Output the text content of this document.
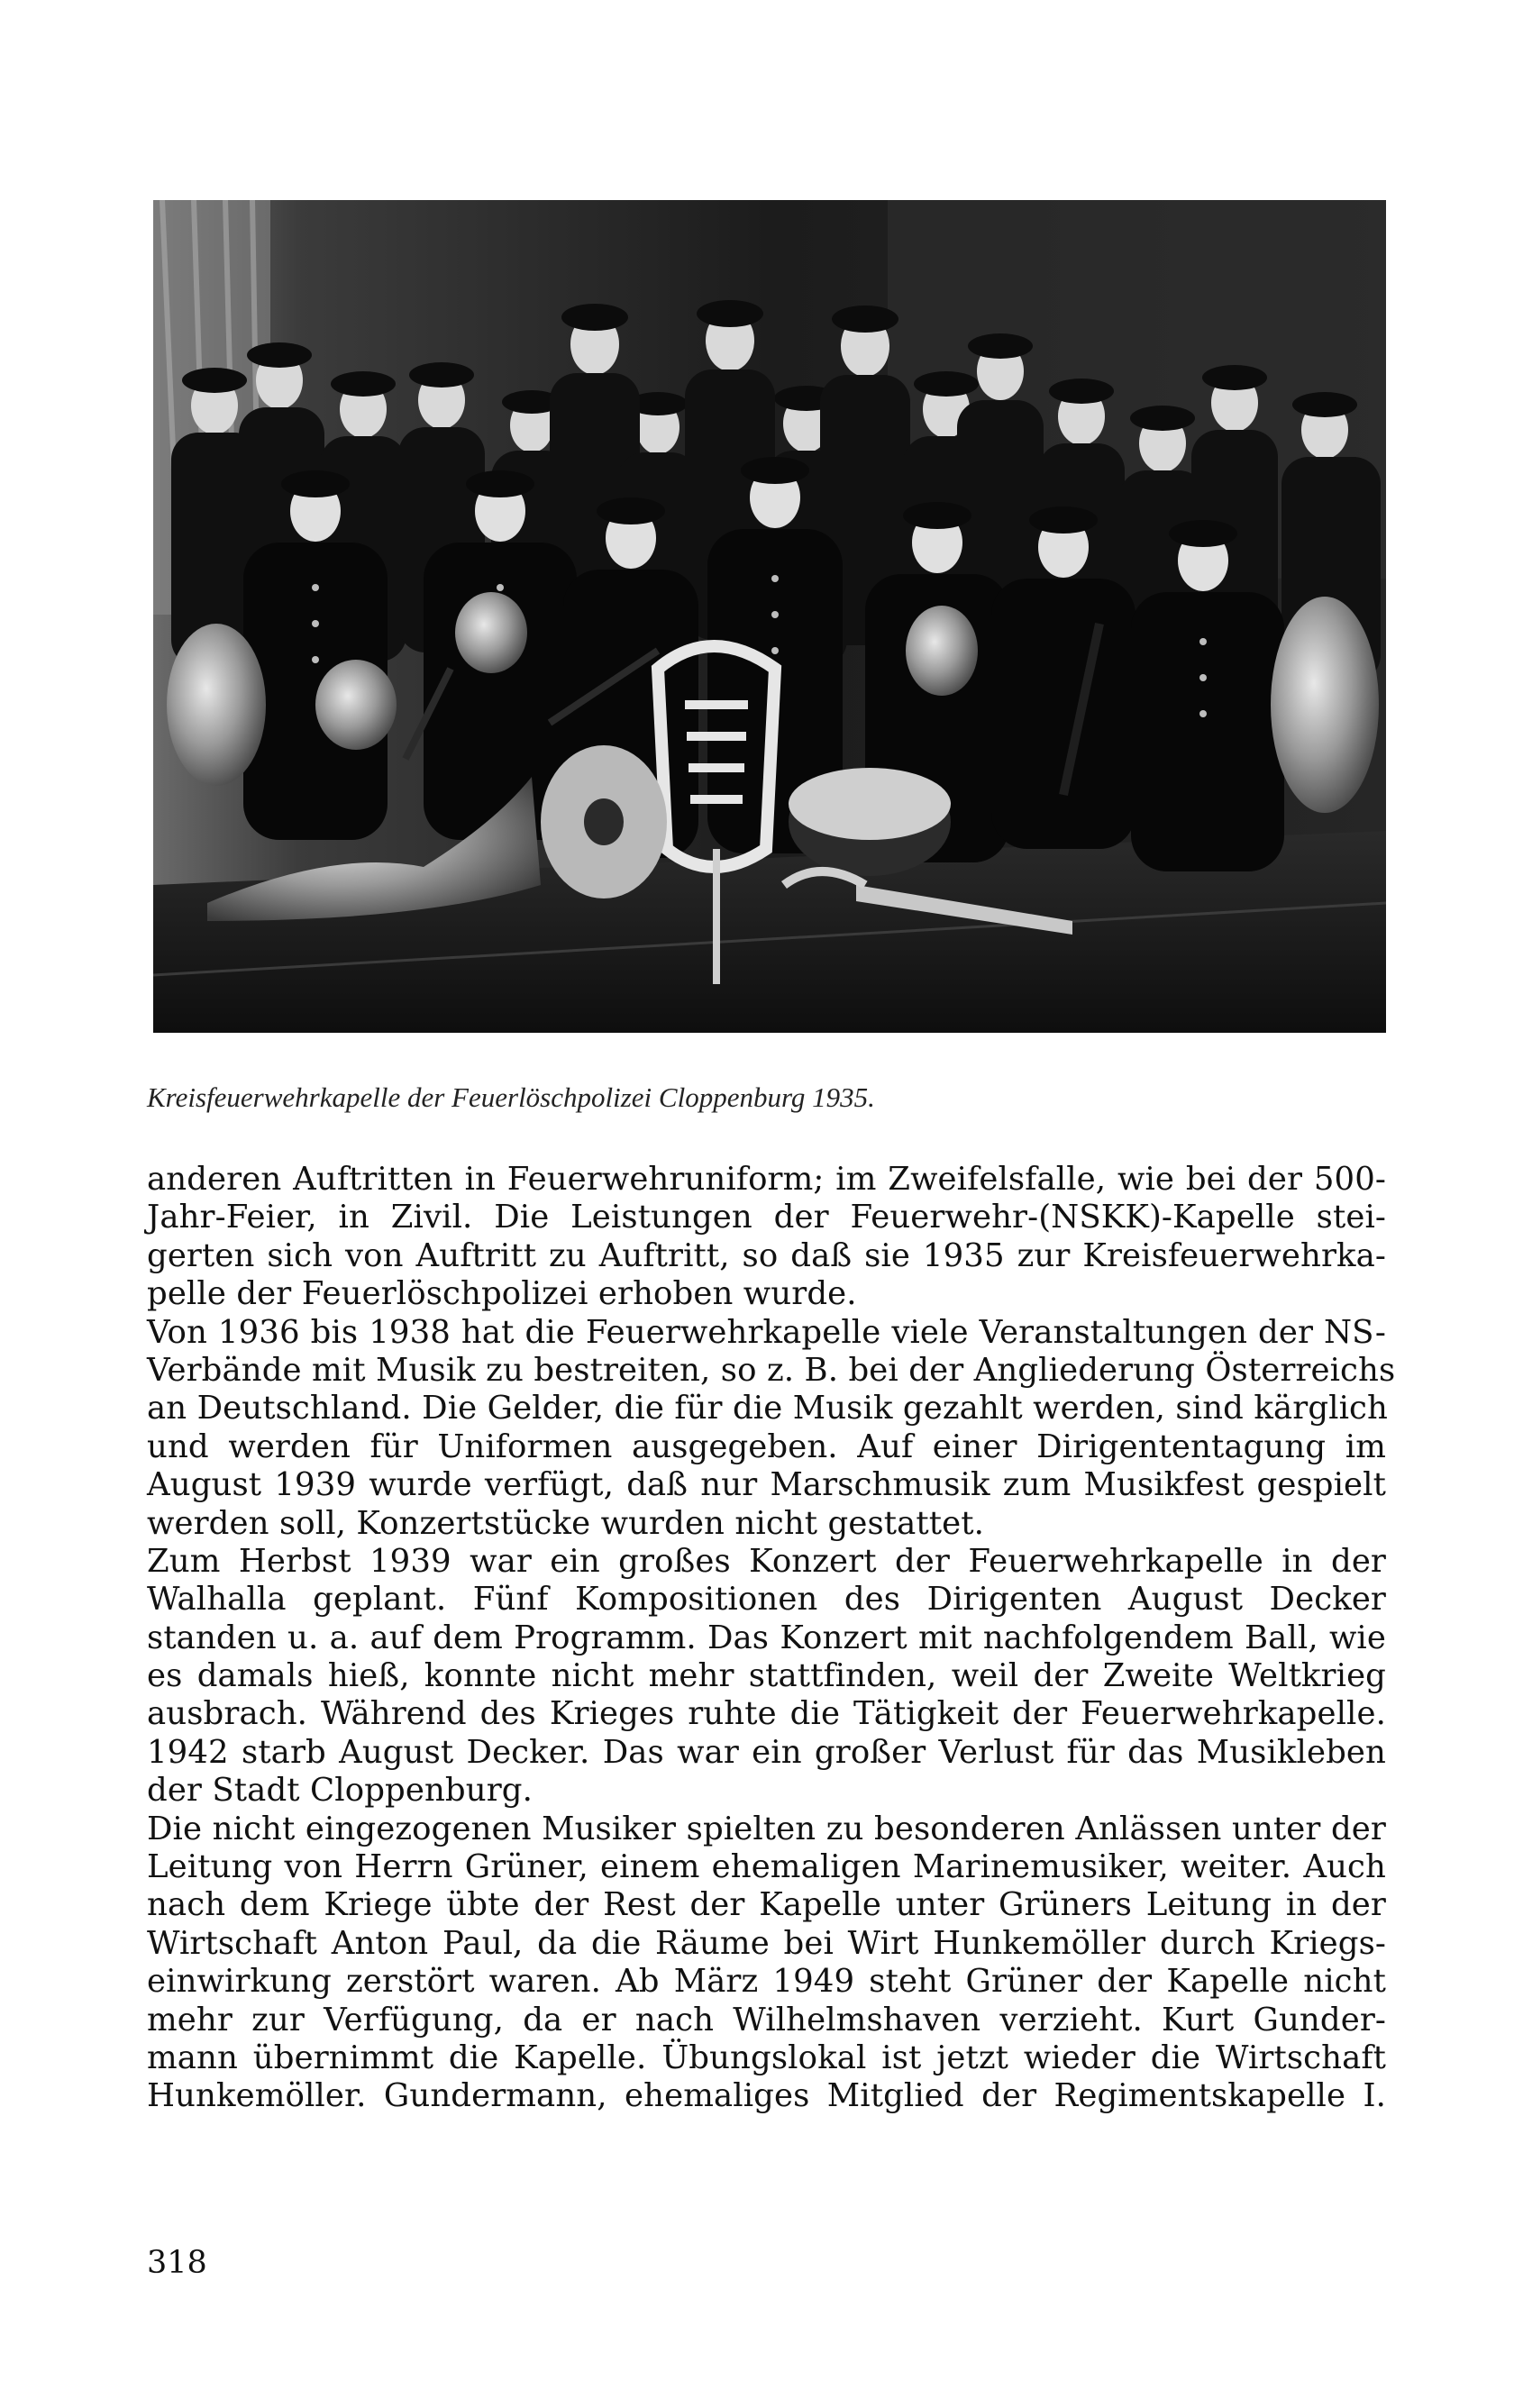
Kreisfeuerwehrkapelle der Feuerlöschpolizei Cloppenburg 1935.
anderen Auftritten in Feuerwehruniform; im Zweifelsfalle, wie bei der 500-
Jahr-Feier, in Zivil. Die Leistungen der Feuerwehr-(NSKK)-Kapelle stei-
gerten sich von Auftritt zu Auftritt, so daß sie 1935 zur Kreisfeuerwehrka-
pelle der Feuerlöschpolizei erhoben wurde.
Von 1936 bis 1938 hat die Feuerwehrkapelle viele Veranstaltungen der NS-
Verbände mit Musik zu bestreiten, so z. B. bei der Angliederung Österreichs
an Deutschland. Die Gelder, die für die Musik gezahlt werden, sind kärglich
und werden für Uniformen ausgegeben. Auf einer Dirigententagung im
August 1939 wurde verfügt, daß nur Marschmusik zum Musikfest gespielt
werden soll, Konzertstücke wurden nicht gestattet.
Zum Herbst 1939 war ein großes Konzert der Feuerwehrkapelle in der
Walhalla geplant. Fünf Kompositionen des Dirigenten August Decker
standen u. a. auf dem Programm. Das Konzert mit nachfolgendem Ball, wie
es damals hieß, konnte nicht mehr stattfinden, weil der Zweite Weltkrieg
ausbrach. Während des Krieges ruhte die Tätigkeit der Feuerwehrkapelle.
1942 starb August Decker. Das war ein großer Verlust für das Musikleben
der Stadt Cloppenburg.
Die nicht eingezogenen Musiker spielten zu besonderen Anlässen unter der
Leitung von Herrn Grüner, einem ehemaligen Marinemusiker, weiter. Auch
nach dem Kriege übte der Rest der Kapelle unter Grüners Leitung in der
Wirtschaft Anton Paul, da die Räume bei Wirt Hunkemöller durch Kriegs-
einwirkung zerstört waren. Ab März 1949 steht Grüner der Kapelle nicht
mehr zur Verfügung, da er nach Wilhelmshaven verzieht. Kurt Gunder-
mann übernimmt die Kapelle. Übungslokal ist jetzt wieder die Wirtschaft
Hunkemöller. Gundermann, ehemaliges Mitglied der Regimentskapelle I.
318
